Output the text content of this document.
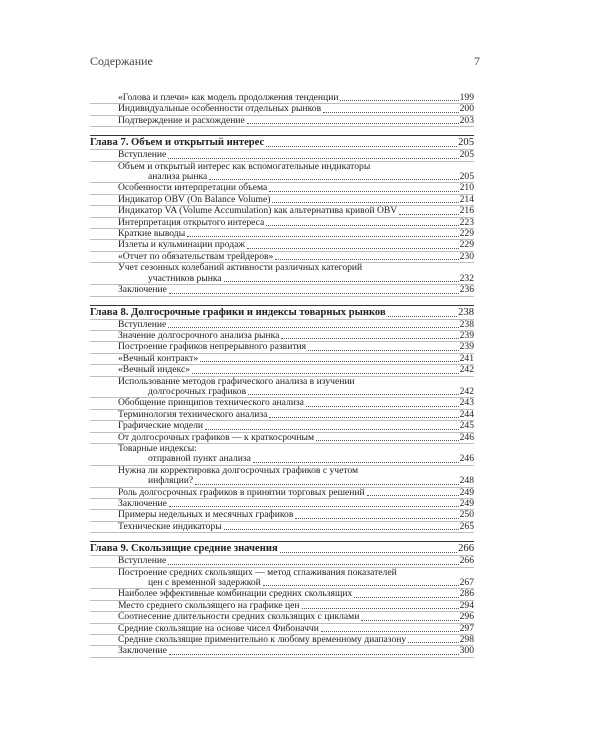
Содержание	7
«Голова и плечи» как модель продолжения тенденции	199
Индивидуальные особенности отдельных рынков	200
Подтверждение и расхождение	203
Глава 7. Объем и открытый интерес	205
Вступление	205
Объем и открытый интерес как вспомогательные индикаторы
анализа рынка	205
Особенности интерпретации объема	210
Индикатор OBV (On Balance Volume)	214
Индикатор VA (Volume Accumulation) как альтернатива кривой OBV	216
Интерпретация открытого интереса	223
Краткие выводы	229
Излеты и кульминации продаж	229
«Отчет по обязательствам трейдеров»	230
Учет сезонных колебаний активности различных категорий
участников рынка	232
Заключение	236
Глава 8. Долгосрочные графики и индексы товарных рынков	238
Вступление	238
Значение долгосрочного анализа рынка	239
Построение графиков непрерывного развития	239
«Вечный контракт»	241
«Вечный индекс»	242
Использование методов графического анализа в изучении
долгосрочных графиков	242
Обобщение принципов технического анализа	243
Терминология технического анализа	244
Графические модели	245
От долгосрочных графиков — к краткосрочным	246
Товарные индексы:
отправной пункт анализа	246
Нужна ли корректировка долгосрочных графиков с учетом
инфляции?	248
Роль долгосрочных графиков в принятии торговых решений	249
Заключение	249
Примеры недельных и месячных графиков	250
Технические индикаторы	265
Глава 9. Скользящие средние значения	266
Вступление	266
Построение средних скользящих — метод сглаживания показателей
цен с временной задержкой	267
Наиболее эффективные комбинации средних скользящих	286
Место среднего скользящего на графике цен	294
Соотнесение длительности средних скользящих с циклами	296
Средние скользящие на основе чисел Фибоначчи	297
Средние скользящие применительно к любому временному диапазону	298
Заключение	300
